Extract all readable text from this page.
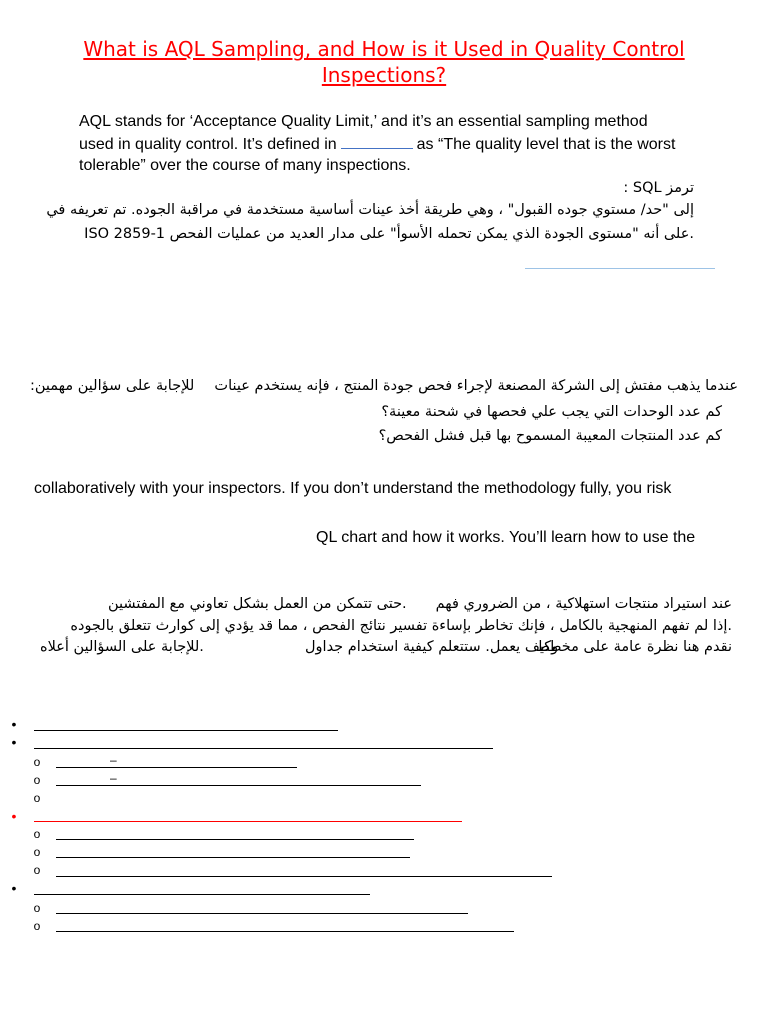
What is AQL Sampling, and How is it Used in Quality Control
Inspections?
AQL stands for ‘Acceptance Quality Limit,’ and it’s an essential sampling method
used in quality control. It’s defined in	as “The quality level that is the worst
tolerable” over the course of many inspections.
ترمز SQL :
إلى "حد/ مستوي جوده القبول" ، وهي طريقة أخذ عينات أساسية مستخدمة في مراقبة الجوده. تم تعريفه في
.على أنه "مستوى الجودة الذي يمكن تحمله الأسوأ" على مدار العديد من عمليات الفحص ISO 2859-1
عندما يذهب مفتش إلى الشركة المصنعة لإجراء فحص جودة المنتج ، فإنه يستخدم عينات
للإجابة على سؤالين مهمين:
كم عدد الوحدات التي يجب علي فحصها في شحنة معينة؟
كم عدد المنتجات المعيبة المسموح بها قبل فشل الفحص؟
collaboratively with your inspectors. If you don’t understand the methodology fully, you risk
QL chart and how it works. You’ll learn how to use the
عند استيراد منتجات استهلاكية ، من الضروري فهم
.حتى تتمكن من العمل بشكل تعاوني مع المفتشين
.إذا لم تفهم المنهجية بالكامل ، فإنك تخاطر بإساءة تفسير نتائج الفحص ، مما قد يؤدي إلى كوارث تتعلق بالجوده
نقدم هنا نظرة عامة على مخطط
وكيف يعمل. ستتعلم كيفية استخدام جداول
.للإجابة على السؤالين أعلاه
•
•
o	–
o	–
o
•
o
o
o
•
o
o
